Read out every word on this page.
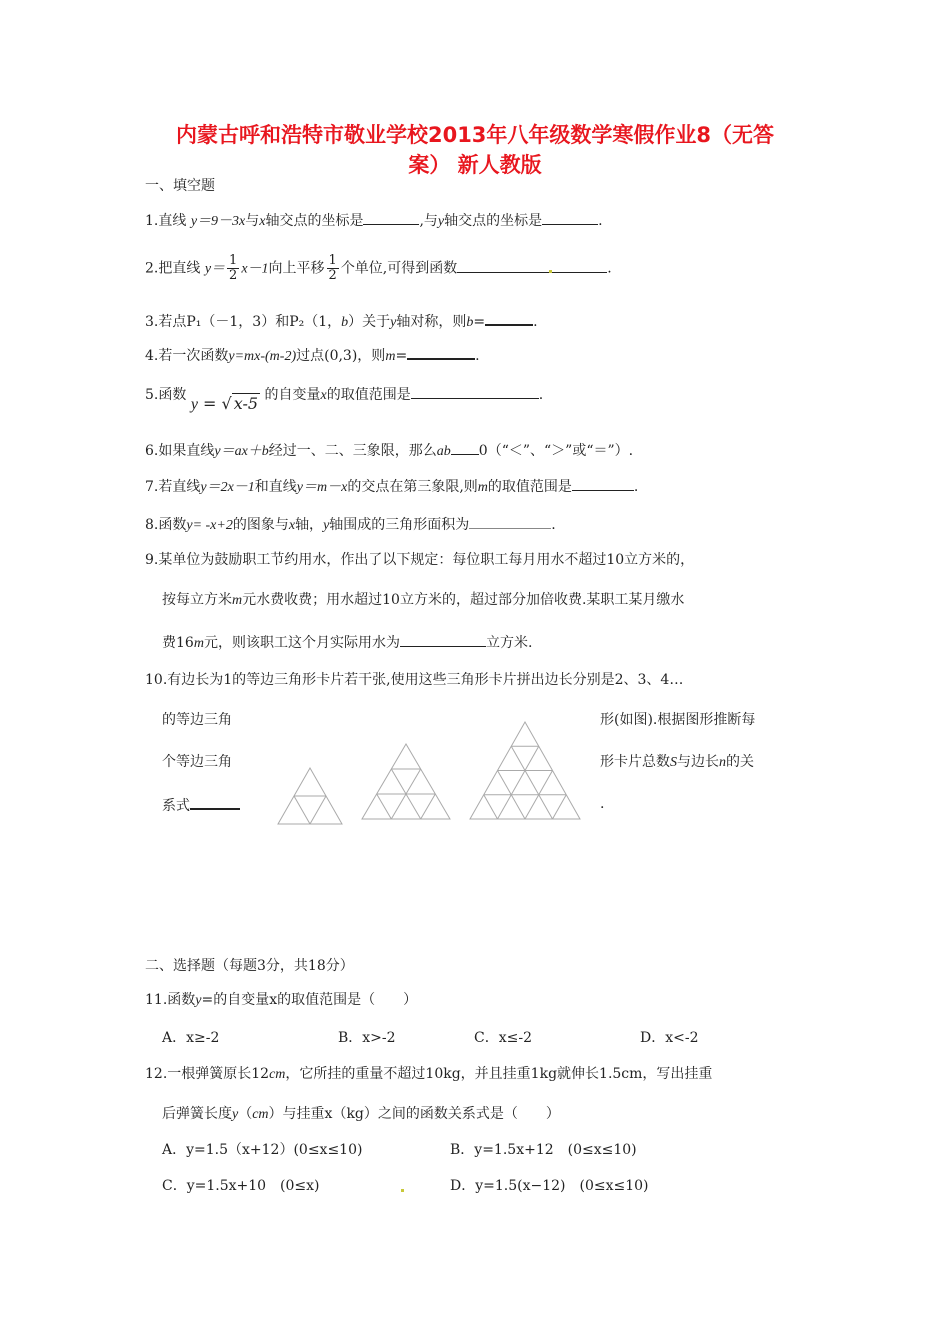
内蒙古呼和浩特市敬业学校2013年八年级数学寒假作业8（无答
案） 新人教版
一、填空题
1.直线 y＝9－3x与x轴交点的坐标是	,与y轴交点的坐标是	.
2.把直线 $y= \frac{1}{2} x-1$向上平移 $\frac{1}{2}$ 个单位,可得到函数	.
3.若点P₁（－1，3）和P₂（1，b）关于y轴对称，则b=	.
4.若一次函数y=mx-(m-2)过点(0,3)，则m=	.
5.函数 y = √ x-5 的自变量x的取值范围是	.
6.如果直线y＝ax＋b经过一、二、三象限，那么ab 0（“＜”、“＞”或“＝”）.
7.若直线y＝2x－1和直线y＝m－x的交点在第三象限,则m的取值范围是	.
8.函数y= -x+2的图象与x轴，y轴围成的三角形面积为	.
9.某单位为鼓励职工节约用水，作出了以下规定：每位职工每月用水不超过10立方米的，
按每立方米m元水费收费；用水超过10立方米的，超过部分加倍收费.某职工某月缴水
费16m元，则该职工这个月实际用水为	立方米.
10.有边长为1的等边三角形卡片若干张,使用这些三角形卡片拼出边长分别是2、3、4…
的等边三角	形(如图).根据图形推断每
个等边三角	形卡片总数S与边长n的关
系式	.
二、选择题（每题3分，共18分）
11.函数y=的自变量x的取值范围是（　　）
A．x≥-2	B．x>-2	C．x≤-2	D．x<-2
12.一根弹簧原长12cm，它所挂的重量不超过10kg，并且挂重1kg就伸长1.5cm，写出挂重
后弹簧长度y（cm）与挂重x（kg）之间的函数关系式是（　　）
A．y=1.5（x+12）(0≤x≤10)	B．y=1.5x+12　(0≤x≤10)
C．y=1.5x+10　(0≤x)	D．y=1.5(x−12)　(0≤x≤10)
